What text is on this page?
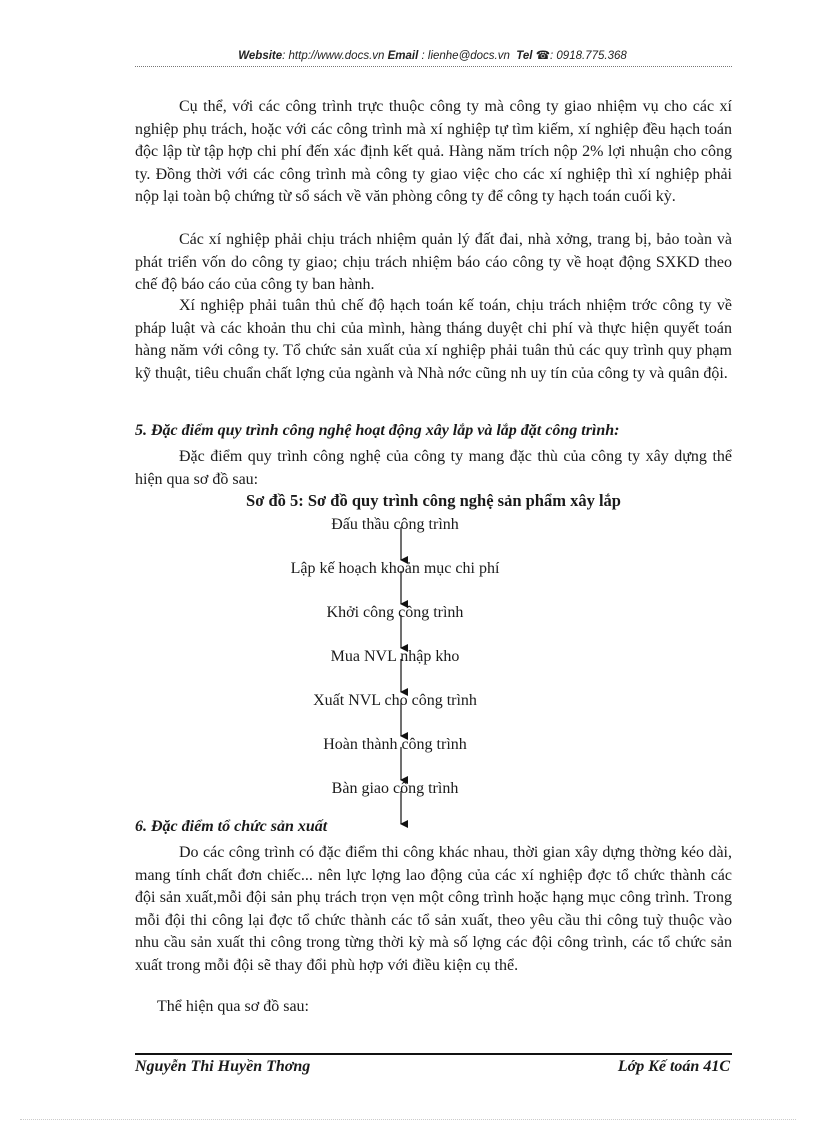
Website: http://www.docs.vn Email : lienhe@docs.vn Tel ☎: 0918.775.368

Cụ thể, với các công trình trực thuộc công ty mà công ty giao nhiệm vụ cho các xí nghiệp phụ trách, hoặc với các công trình mà xí nghiệp tự tìm kiếm, xí nghiệp đều hạch toán độc lập từ tập hợp chi phí đến xác định kết quả. Hàng năm trích nộp 2% lợi nhuận cho công ty. Đồng thời với các công trình mà công ty giao việc cho các xí nghiệp thì xí nghiệp phải nộp lại toàn bộ chứng từ sổ sách về văn phòng công ty để công ty hạch toán cuối kỳ.

Các xí nghiệp phải chịu trách nhiệm quản lý đất đai, nhà xởng, trang bị, bảo toàn và phát triển vốn do công ty giao; chịu trách nhiệm báo cáo công ty về hoạt động SXKD theo chế độ báo cáo của công ty ban hành.

Xí nghiệp phải tuân thủ chế độ hạch toán kế toán, chịu trách nhiệm trớc công ty về pháp luật và các khoản thu chi của mình, hàng tháng duyệt chi phí và thực hiện quyết toán hàng năm với công ty. Tổ chức sản xuất của xí nghiệp phải tuân thủ các quy trình quy phạm kỹ thuật, tiêu chuẩn chất lợng của ngành và Nhà nớc cũng nh uy tín của công ty và quân đội.

5. Đặc điểm quy trình công nghệ hoạt động xây lắp và lắp đặt công trình:

Đặc điểm quy trình công nghệ của công ty mang đặc thù của công ty xây dựng thể hiện qua sơ đồ sau:

Sơ đồ 5: Sơ đồ quy trình công nghệ sản phẩm xây lắp

Đấu thầu công trình
Lập kế hoạch khoản mục chi phí
Khởi công công trình
Mua NVL nhập kho
Xuất NVL cho công trình
Hoàn thành công trình
Bàn giao công trình

6. Đặc điểm tổ chức sản xuất

Do các công trình có đặc điểm thi công khác nhau, thời gian xây dựng thờng kéo dài, mang tính chất đơn chiếc... nên lực lợng lao động của các xí nghiệp đợc tổ chức thành các đội sản xuất,mỗi đội sản phụ trách trọn vẹn một công trình hoặc hạng mục công trình. Trong mỗi đội thi công lại đợc tổ chức thành các tổ sản xuất, theo yêu cầu thi công tuỳ thuộc vào nhu cầu sản xuất thi công trong từng thời kỳ mà số lợng các đội công trình, các tổ chức sản xuất trong mỗi đội sẽ thay đổi phù hợp với điều kiện cụ thể.

Thể hiện qua sơ đồ sau:

Nguyễn Thi Huyền Thơng	Lớp Kế toán 41C
